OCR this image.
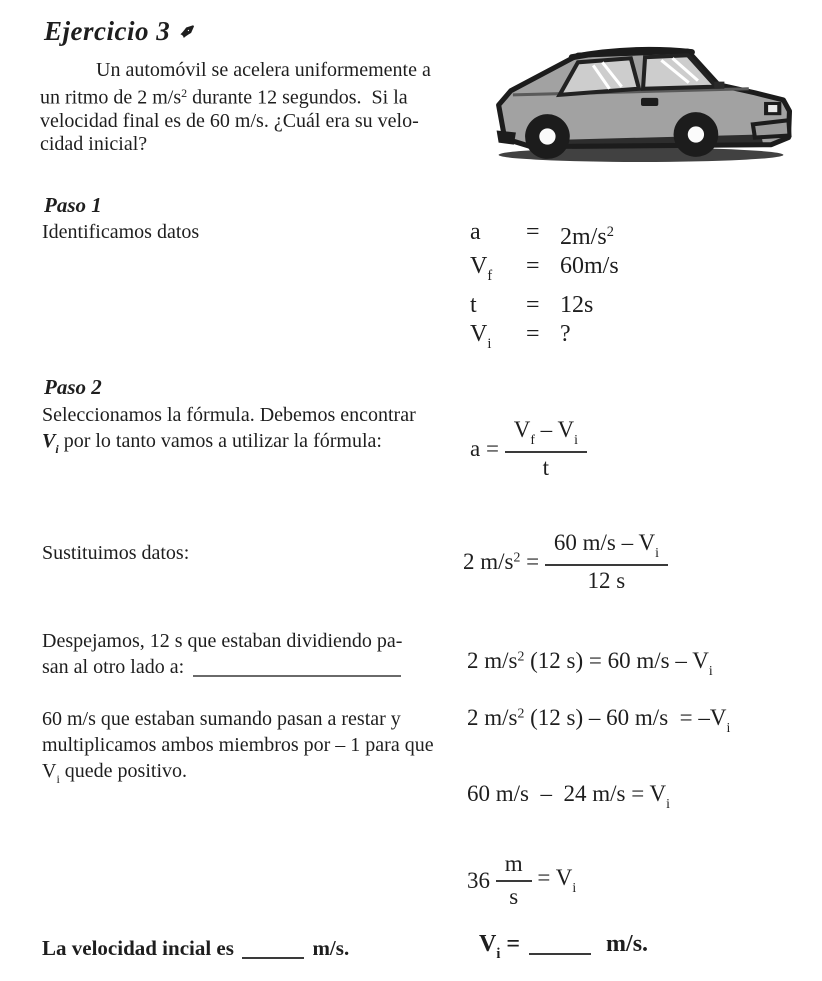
Ejercicio 3 ✒
Un automóvil se acelera uniformemente a
un ritmo de 2 $m/s^2$ durante 12 segundos.  Si la
velocidad final es de 60 m/s. ¿Cuál era su velo-
cidad inicial?
Paso 1
Identificamos datos	a	= $2m/s^2$
$V_f$	= 60m/s
t	= 12s
$V_i$	= ?
Paso 2
Seleccionamos la fórmula. Debemos encontrar
$V_i$ por lo tanto vamos a utilizar la fórmula:	$a = \frac{V_f - V_i}{t}$
Sustituimos datos:	2 $m/s^2 = \frac{60 m/s - V_i}{12 s}$
Despejamos, 12 s que estaban dividiendo pa-
san al otro lado a:	2 $m/s^2$ (12 s) = 60 $m/s - V_i$
60 m/s que estaban sumando pasan a restar y
multiplicamos ambos miembros por – 1 para que
$V_i$ quede positivo.
2 $m/s^2$ (12 s) – 60 $m/s = -V_i$
60 m/s  –  24 $m/s = V_i$
$36 \frac{m}{s} = V_i$
La velocidad incial es	m/s.	$V_i$ =	m/s.
